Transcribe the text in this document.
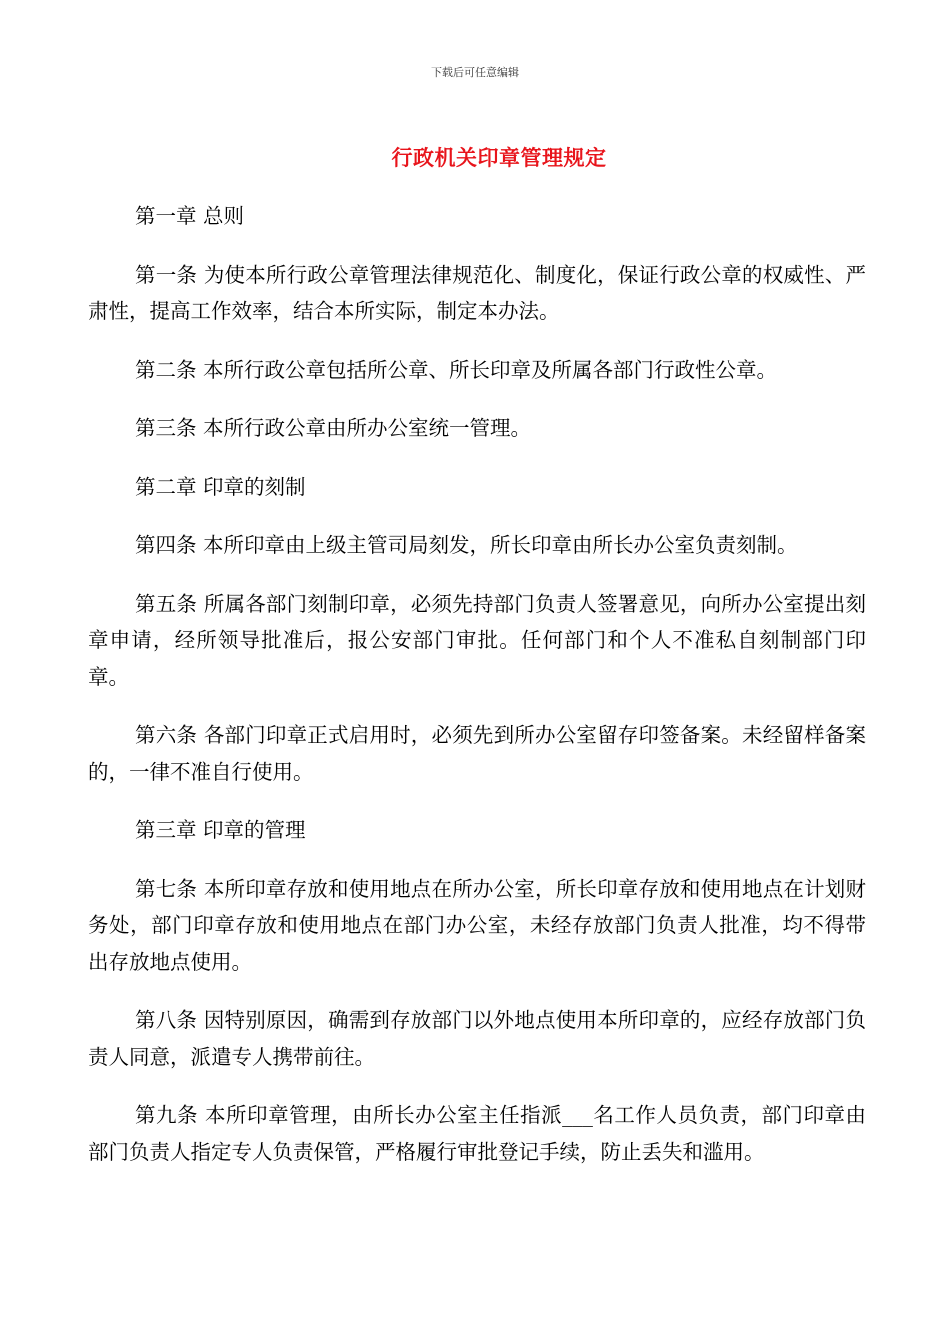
下载后可任意编辑
行政机关印章管理规定

第一章 总则

第一条 为使本所行政公章管理法律规范化、制度化，保证行政公章的权威性、严肃性，提高工作效率，结合本所实际，制定本办法。

第二条 本所行政公章包括所公章、所长印章及所属各部门行政性公章。

第三条 本所行政公章由所办公室统一管理。

第二章 印章的刻制

第四条 本所印章由上级主管司局刻发，所长印章由所长办公室负责刻制。

第五条 所属各部门刻制印章，必须先持部门负责人签署意见，向所办公室提出刻章申请，经所领导批准后，报公安部门审批。任何部门和个人不准私自刻制部门印章。

第六条 各部门印章正式启用时，必须先到所办公室留存印签备案。未经留样备案的，一律不准自行使用。

第三章 印章的管理

第七条 本所印章存放和使用地点在所办公室，所长印章存放和使用地点在计划财务处，部门印章存放和使用地点在部门办公室，未经存放部门负责人批准，均不得带出存放地点使用。

第八条 因特别原因，确需到存放部门以外地点使用本所印章的，应经存放部门负责人同意，派遣专人携带前往。

第九条 本所印章管理，由所长办公室主任指派___名工作人员负责，部门印章由部门负责人指定专人负责保管，严格履行审批登记手续，防止丢失和滥用。
